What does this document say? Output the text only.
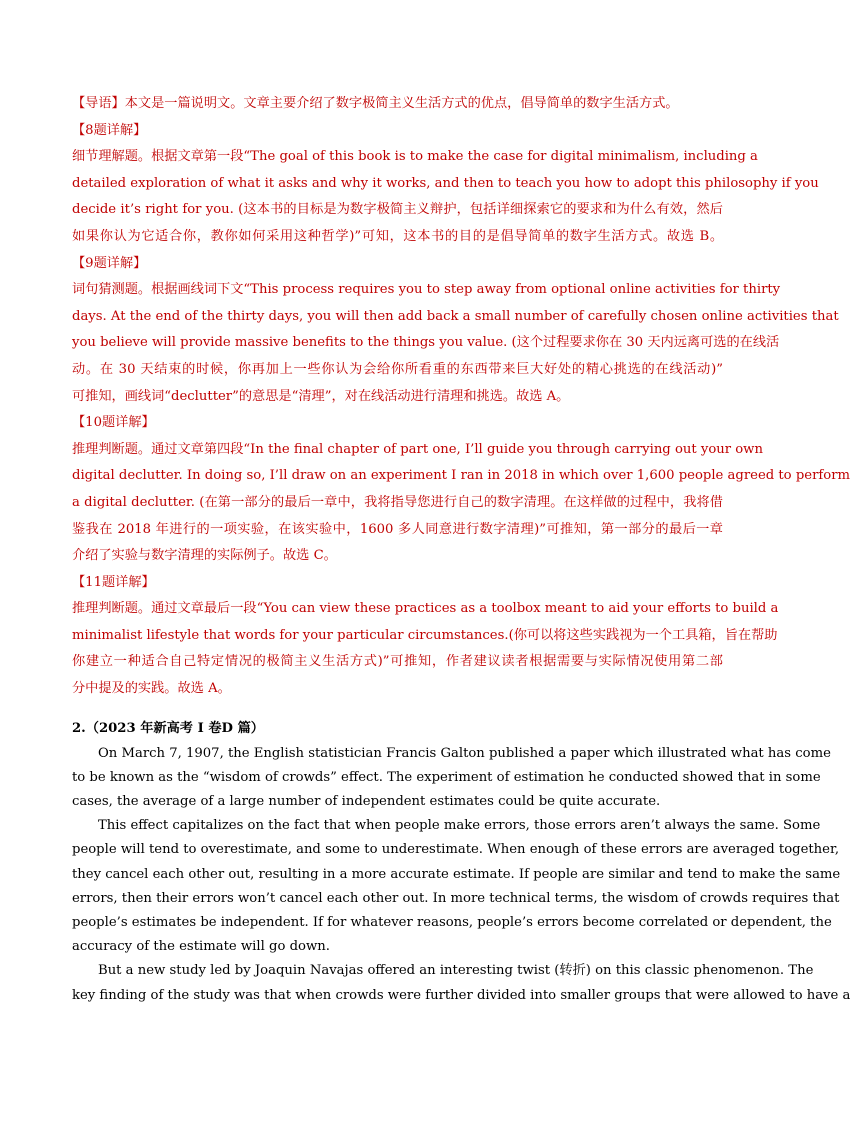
【导语】本文是一篇说明文。文章主要介绍了数字极简主义生活方式的优点，倡导简单的数字生活方式。
【8题详解】
细节理解题。根据文章第一段“The goal of this book is to make the case for digital minimalism, including a
detailed exploration of what it asks and why it works, and then to teach you how to adopt this philosophy if you
decide it’s right for you. (这本书的目标是为数字极简主义辩护，包括详细探索它的要求和为什么有效，然后
如果你认为它适合你，教你如何采用这种哲学)”可知，这本书的目的是倡导简单的数字生活方式。故选 B。
【9题详解】
词句猜测题。根据画线词下文“This process requires you to step away from optional online activities for thirty
days. At the end of the thirty days, you will then add back a small number of carefully chosen online activities that
you believe will provide massive benefits to the things you value. (这个过程要求你在 30 天内远离可选的在线活
动。在 30 天结束的时候，你再加上一些你认为会给你所看重的东西带来巨大好处的精心挑选的在线活动)”
可推知，画线词“declutter”的意思是“清理”，对在线活动进行清理和挑选。故选 A。
【10题详解】
推理判断题。通过文章第四段“In the final chapter of part one, I’ll guide you through carrying out your own
digital declutter. In doing so, I’ll draw on an experiment I ran in 2018 in which over 1,600 people agreed to perform
a digital declutter. (在第一部分的最后一章中，我将指导您进行自己的数字清理。在这样做的过程中，我将借
鉴我在 2018 年进行的一项实验，在该实验中，1600 多人同意进行数字清理)”可推知，第一部分的最后一章
介绍了实验与数字清理的实际例子。故选 C。
【11题详解】
推理判断题。通过文章最后一段“You can view these practices as a toolbox meant to aid your efforts to build a
minimalist lifestyle that words for your particular circumstances.(你可以将这些实践视为一个工具箱，旨在帮助
你建立一种适合自己特定情况的极简主义生活方式)”可推知，作者建议读者根据需要与实际情况使用第二部
分中提及的实践。故选 A。
2.（2023 年新高考 I 卷D 篇）
On March 7, 1907, the English statistician Francis Galton published a paper which illustrated what has come
to be known as the “wisdom of crowds” effect. The experiment of estimation he conducted showed that in some
cases, the average of a large number of independent estimates could be quite accurate.
This effect capitalizes on the fact that when people make errors, those errors aren’t always the same. Some
people will tend to overestimate, and some to underestimate. When enough of these errors are averaged together,
they cancel each other out, resulting in a more accurate estimate. If people are similar and tend to make the same
errors, then their errors won’t cancel each other out. In more technical terms, the wisdom of crowds requires that
people’s estimates be independent. If for whatever reasons, people’s errors become correlated or dependent, the
accuracy of the estimate will go down.
But a new study led by Joaquin Navajas offered an interesting twist (转折) on this classic phenomenon. The
key finding of the study was that when crowds were further divided into smaller groups that were allowed to have a
